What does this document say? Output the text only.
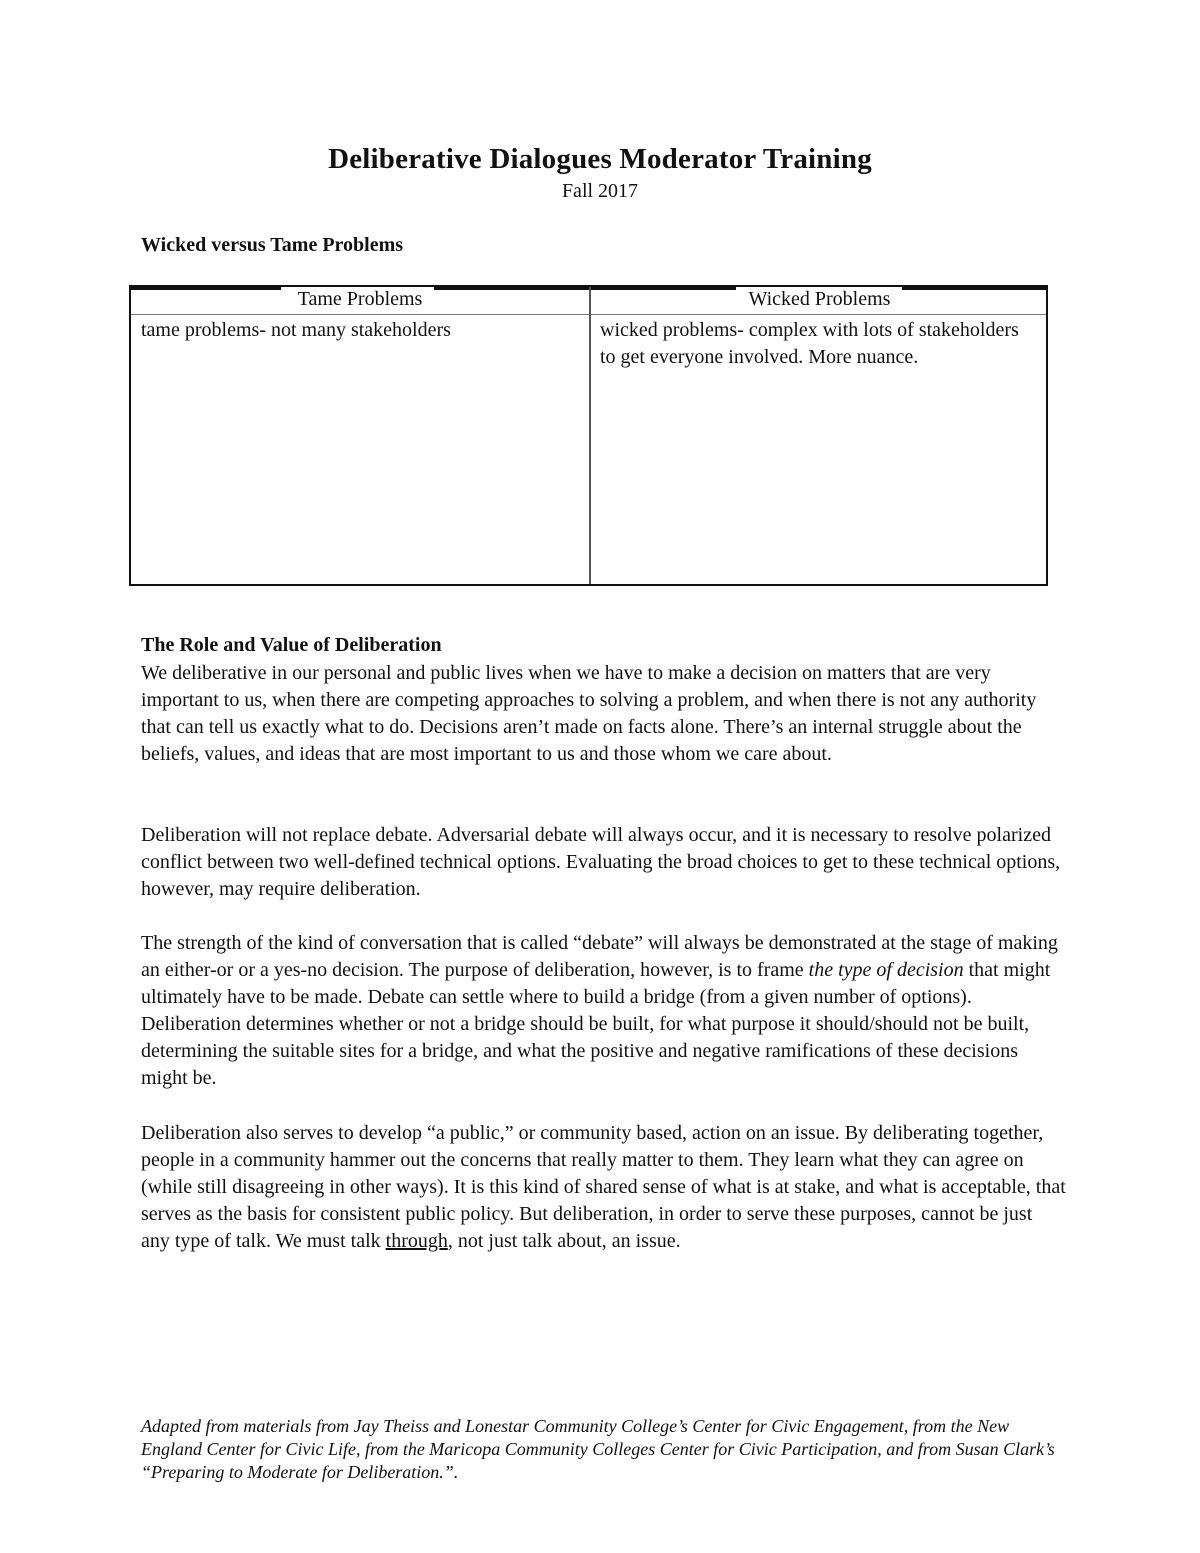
Deliberative Dialogues Moderator Training
Fall 2017
Wicked versus Tame Problems
Tame Problems	Wicked Problems
tame problems- not many stakeholders	wicked problems- complex with lots of stakeholders to get everyone involved. More nuance.
The Role and Value of Deliberation
We deliberative in our personal and public lives when we have to make a decision on matters that are very important to us, when there are competing approaches to solving a problem, and when there is not any authority that can tell us exactly what to do. Decisions aren’t made on facts alone. There’s an internal struggle about the beliefs, values, and ideas that are most important to us and those whom we care about.
Deliberation will not replace debate. Adversarial debate will always occur, and it is necessary to resolve polarized conflict between two well-defined technical options. Evaluating the broad choices to get to these technical options, however, may require deliberation.
The strength of the kind of conversation that is called “debate” will always be demonstrated at the stage of making an either-or or a yes-no decision. The purpose of deliberation, however, is to frame the type of decision that might ultimately have to be made. Debate can settle where to build a bridge (from a given number of options). Deliberation determines whether or not a bridge should be built, for what purpose it should/should not be built, determining the suitable sites for a bridge, and what the positive and negative ramifications of these decisions might be.
Deliberation also serves to develop “a public,” or community based, action on an issue. By deliberating together, people in a community hammer out the concerns that really matter to them. They learn what they can agree on (while still disagreeing in other ways). It is this kind of shared sense of what is at stake, and what is acceptable, that serves as the basis for consistent public policy. But deliberation, in order to serve these purposes, cannot be just any type of talk. We must talk through, not just talk about, an issue.
Adapted from materials from Jay Theiss and Lonestar Community College’s Center for Civic Engagement, from the New England Center for Civic Life, from the Maricopa Community Colleges Center for Civic Participation, and from Susan Clark’s “Preparing to Moderate for Deliberation.”.
